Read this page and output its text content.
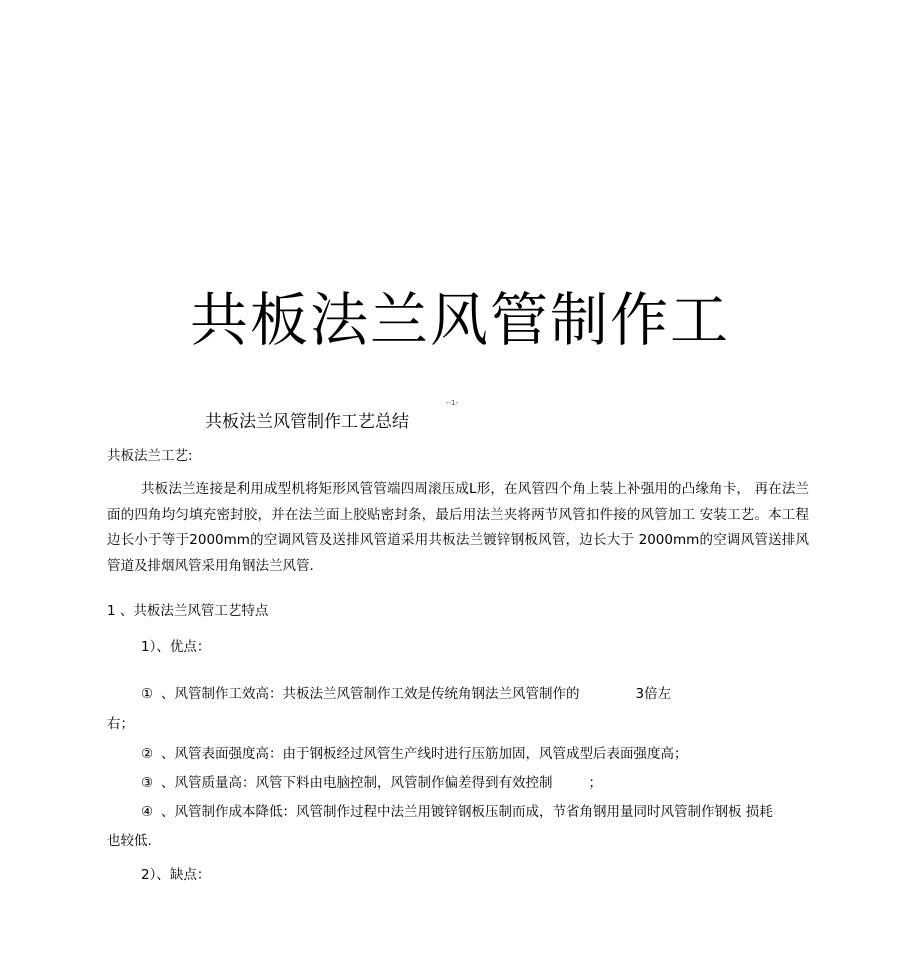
共板法兰风管制作工
--1-
共板法兰风管制作工艺总结
共板法兰工艺:

共板法兰连接是利用成型机将矩形风管管端四周滚压成L形，在风管四个角上装上补强用的凸缘角卡， 再在法兰面的四角均匀填充密封胶，并在法兰面上胶贴密封条，最后用法兰夹将两节风管扣件接的风管加工 安装工艺。本工程边长小于等于2000mm的空调风管及送排风管道采用共板法兰镀锌钢板风管，边长大于 2000mm的空调风管送排风管道及排烟风管采用角钢法兰风管.

1 、共板法兰风管工艺特点
1）、优点：
① 、风管制作工效高：共板法兰风管制作工效是传统角钢法兰风管制作的	3倍左
右；
② 、风管表面强度高：由于钢板经过风管生产线时进行压筋加固，风管成型后表面强度高；
③ 、风管质量高：风管下料由电脑控制，风管制作偏差得到有效控制	；
④ 、风管制作成本降低：风管制作过程中法兰用镀锌钢板压制而成，节省角钢用量同时风管制作钢板 损耗
也较低.
2）、缺点：
